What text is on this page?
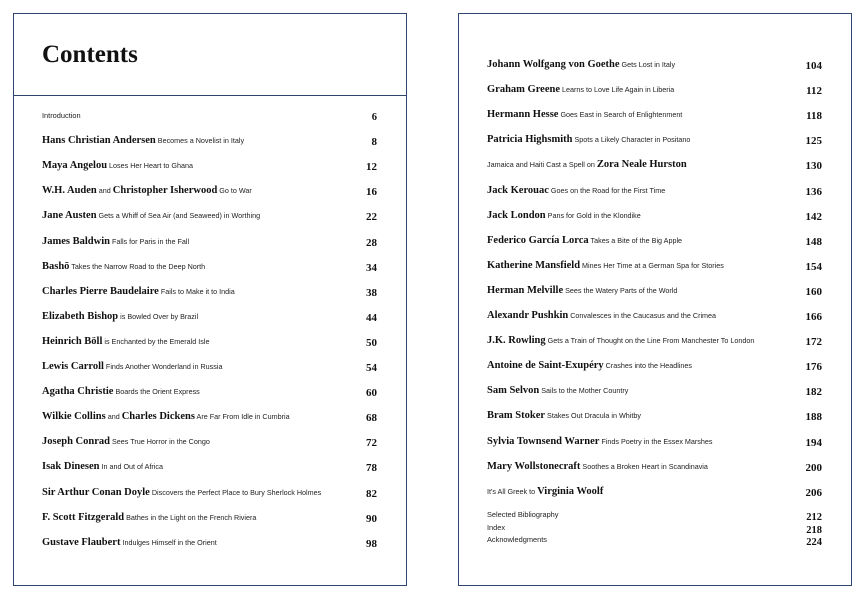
Contents
Introduction	6
Hans Christian Andersen Becomes a Novelist in Italy	8
Maya Angelou Loses Her Heart to Ghana	12
W.H. Auden and Christopher Isherwood Go to War	16
Jane Austen Gets a Whiff of Sea Air (and Seaweed) in Worthing	22
James Baldwin Falls for Paris in the Fall	28
Bashō Takes the Narrow Road to the Deep North	34
Charles Pierre Baudelaire Fails to Make it to India	38
Elizabeth Bishop is Bowled Over by Brazil	44
Heinrich Böll is Enchanted by the Emerald Isle	50
Lewis Carroll Finds Another Wonderland in Russia	54
Agatha Christie Boards the Orient Express	60
Wilkie Collins and Charles Dickens Are Far From Idle in Cumbria	68
Joseph Conrad Sees True Horror in the Congo	72
Isak Dinesen In and Out of Africa	78
Sir Arthur Conan Doyle Discovers the Perfect Place to Bury Sherlock Holmes	82
F. Scott Fitzgerald Bathes in the Light on the French Riviera	90
Gustave Flaubert Indulges Himself in the Orient	98
Johann Wolfgang von Goethe Gets Lost in Italy	104
Graham Greene Learns to Love Life Again in Liberia	112
Hermann Hesse Goes East in Search of Enlightenment	118
Patricia Highsmith Spots a Likely Character in Positano	125
Jamaica and Haiti Cast a Spell on Zora Neale Hurston	130
Jack Kerouac Goes on the Road for the First Time	136
Jack London Pans for Gold in the Klondike	142
Federico García Lorca Takes a Bite of the Big Apple	148
Katherine Mansfield Mines Her Time at a German Spa for Stories	154
Herman Melville Sees the Watery Parts of the World	160
Alexandr Pushkin Convalesces in the Caucasus and the Crimea	166
J.K. Rowling Gets a Train of Thought on the Line From Manchester To London	172
Antoine de Saint-Exupéry Crashes into the Headlines	176
Sam Selvon Sails to the Mother Country	182
Bram Stoker Stakes Out Dracula in Whitby	188
Sylvia Townsend Warner Finds Poetry in the Essex Marshes	194
Mary Wollstonecraft Soothes a Broken Heart in Scandinavia	200
It's All Greek to Virginia Woolf	206
Selected Bibliography	212
Index	218
Acknowledgments	224
